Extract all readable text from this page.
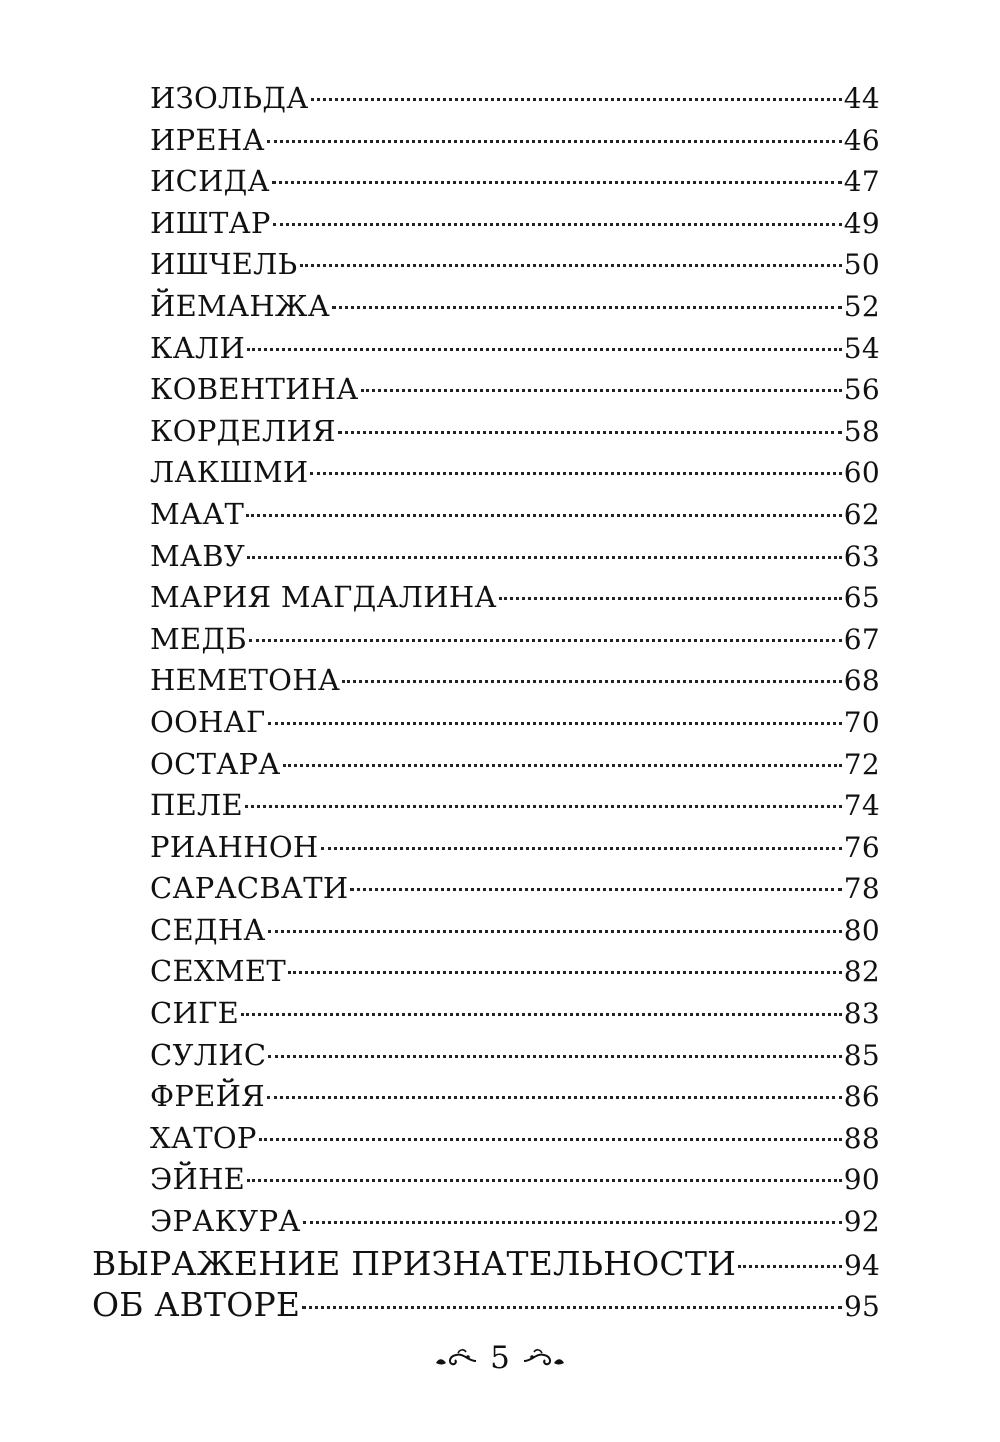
ИЗОЛЬДА	44
ИРЕНА	46
ИСИДА	47
ИШТАР	49
ИШЧЕЛЬ	50
ЙЕМАНЖА	52
КАЛИ	54
КОВЕНТИНА	56
КОРДЕЛИЯ	58
ЛАКШМИ	60
МААТ	62
МАВУ	63
МАРИЯ МАГДАЛИНА	65
МЕДБ	67
НЕМЕТОНА	68
ООНАГ	70
ОСТАРА	72
ПЕЛЕ	74
РИАННОН	76
САРАСВАТИ	78
СЕДНА	80
СЕХМЕТ	82
СИГЕ	83
СУЛИС	85
ФРЕЙЯ	86
ХАТОР	88
ЭЙНЕ	90
ЭРАКУРА	92
ВЫРАЖЕНИЕ ПРИЗНАТЕЛЬНОСТИ	94
ОБ АВТОРЕ	95
5
